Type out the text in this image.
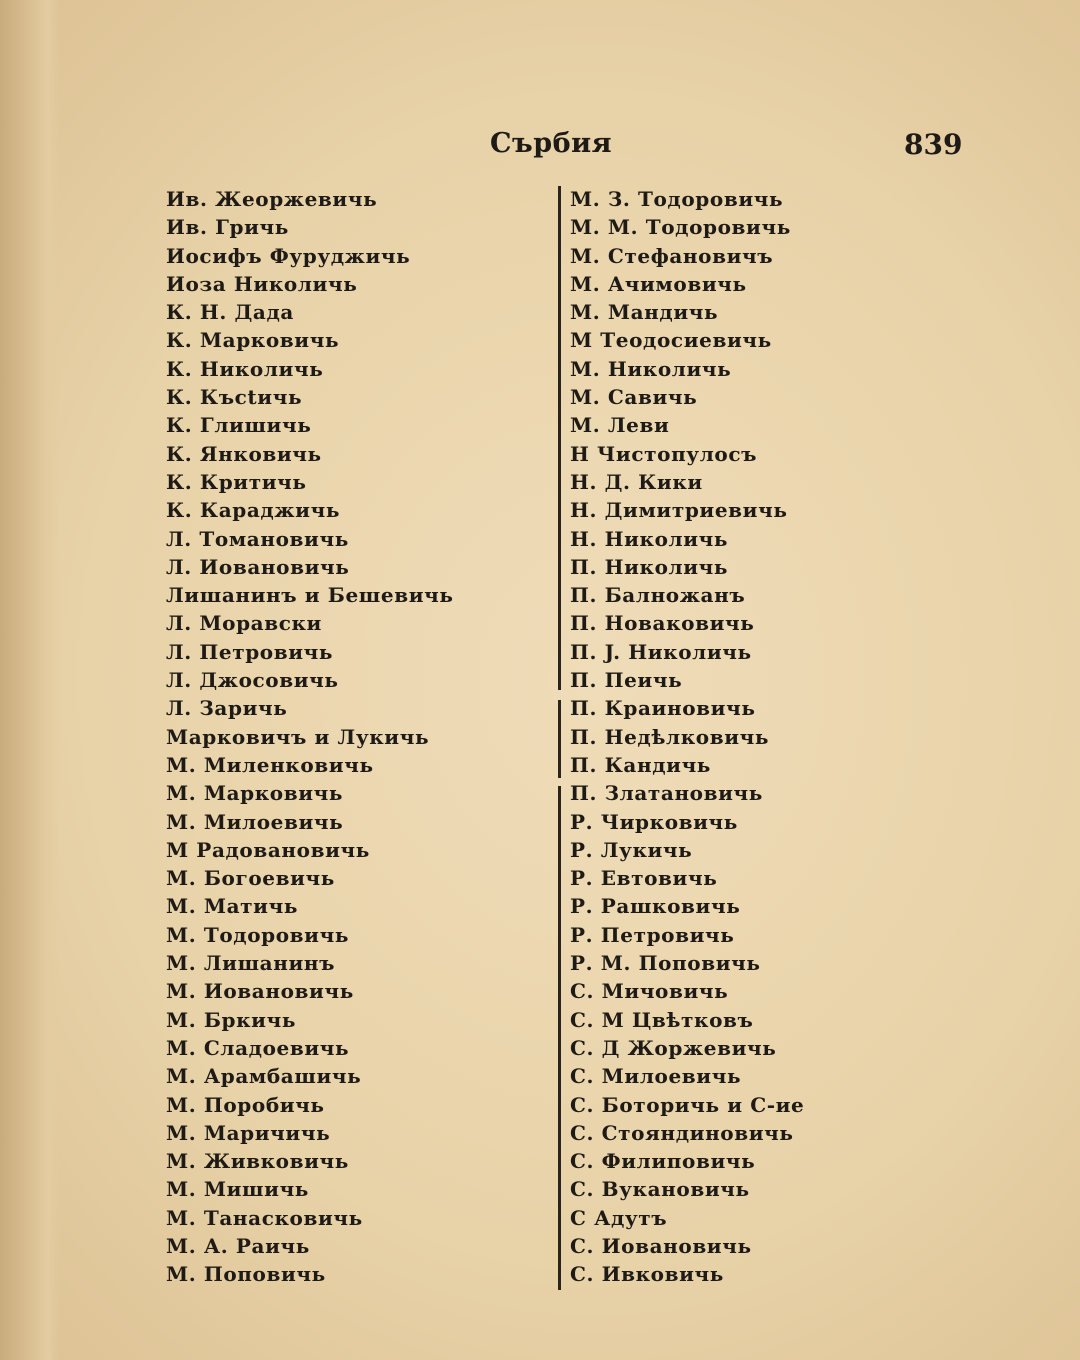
Сърбия	839
Ив. Жеоржевичь
Ив. Гричь
Иосифъ Фуруджичь
Иоза Николичь
К. Н. Дада
К. Марковичь
К. Николичь
К. Късtичь
К. Глишичь
К. Янковичь
К. Критичь
К. Караджичь
Л. Томановичь
Л. Иовановичь
Лишанинъ и Бешевичь
Л. Моравски
Л. Петровичь
Л. Джосовичь
Л. Заричь
Марковичъ и Лукичь
М. Миленковичь
М. Марковичь
М. Милоевичь
М Радовановичь
М. Богоевичь
М. Матичь
М. Тодоровичь
М. Лишанинъ
М. Иовановичь
М. Бркичь
М. Сладоевичь
М. Арамбашичь
М. Поробичь
М. Маричичь
М. Живковичь
М. Мишичь
М. Танасковичь
М. А. Раичь
М. Поповичь
М. З. Тодоровичь
М. М. Тодоровичь
М. Стефановичъ
М. Ачимовичь
М. Мандичь
М Теодосиевичь
М. Николичь
М. Савичь
М. Леви
Н Чистопулосъ
Н. Д. Кики
Н. Димитриевичь
Н. Николичь
П. Николичь
П. Балножанъ
П. Новаковичь
П. J. Николичь
П. Пеичь
П. Краиновичь
П. Недѣлковичь
П. Кандичь
П. Златановичь
Р. Чирковичь
Р. Лукичь
Р. Евтовичь
Р. Рашковичь
Р. Петровичь
Р. М. Поповичь
С. Мичовичь
С. М Цвѣтковъ
С. Д Жоржевичь
С. Милоевичь
С. Боторичь и С-ие
С. Стояндиновичь
С. Филиповичь
С. Вукановичь
С Адутъ
С. Иовановичь
С. Ивковичь
